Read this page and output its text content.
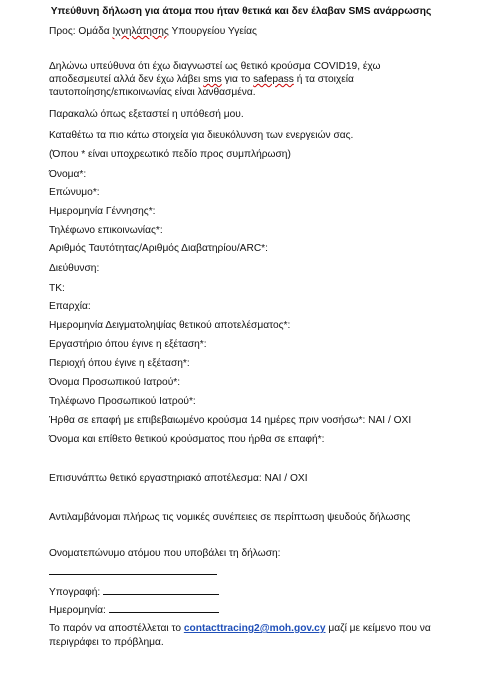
Υπεύθυνη δήλωση για άτομα που ήταν θετικά και δεν έλαβαν SMS ανάρρωσης
Προς: Ομάδα Ιχνηλάτησης Υπουργείου Υγείας
Δηλώνω υπεύθυνα ότι έχω διαγνωστεί ως θετικό κρούσμα COVID19, έχω
αποδεσμευτεί αλλά δεν έχω λάβει sms για το safepass ή τα στοιχεία
ταυτοποίησης/επικοινωνίας είναι λανθασμένα.
Παρακαλώ όπως εξεταστεί η υπόθεσή μου.
Καταθέτω τα πιο κάτω στοιχεία για διευκόλυνση των ενεργειών σας.
(Όπου * είναι υποχρεωτικό πεδίο προς συμπλήρωση)
Όνομα*:
Επώνυμο*:
Ημερομηνία Γέννησης*:
Τηλέφωνο επικοινωνίας*:
Αριθμός Ταυτότητας/Αριθμός Διαβατηρίου/ARC*:
Διεύθυνση:
ΤΚ:
Επαρχία:
Ημερομηνία Δειγματοληψίας θετικού αποτελέσματος*:
Εργαστήριο όπου έγινε η εξέταση*:
Περιοχή όπου έγινε η εξέταση*:
Όνομα Προσωπικού Ιατρού*:
Τηλέφωνο Προσωπικού Ιατρού*:
Ήρθα σε επαφή με επιβεβαιωμένο κρούσμα 14 ημέρες πριν νοσήσω*: ΝΑΙ / ΟΧΙ
Όνομα και επίθετο θετικού κρούσματος που ήρθα σε επαφή*:
Επισυνάπτω θετικό εργαστηριακό αποτέλεσμα: ΝΑΙ / ΟΧΙ
Αντιλαμβάνομαι πλήρως τις νομικές συνέπειες σε περίπτωση ψευδούς δήλωσης
Ονοματεπώνυμο ατόμου που υποβάλει τη δήλωση:
Υπογραφή:
Ημερομηνία:
Το παρόν να αποστέλλεται το contacttracing2@moh.gov.cy μαζί με κείμενο που να
περιγράφει το πρόβλημα.
